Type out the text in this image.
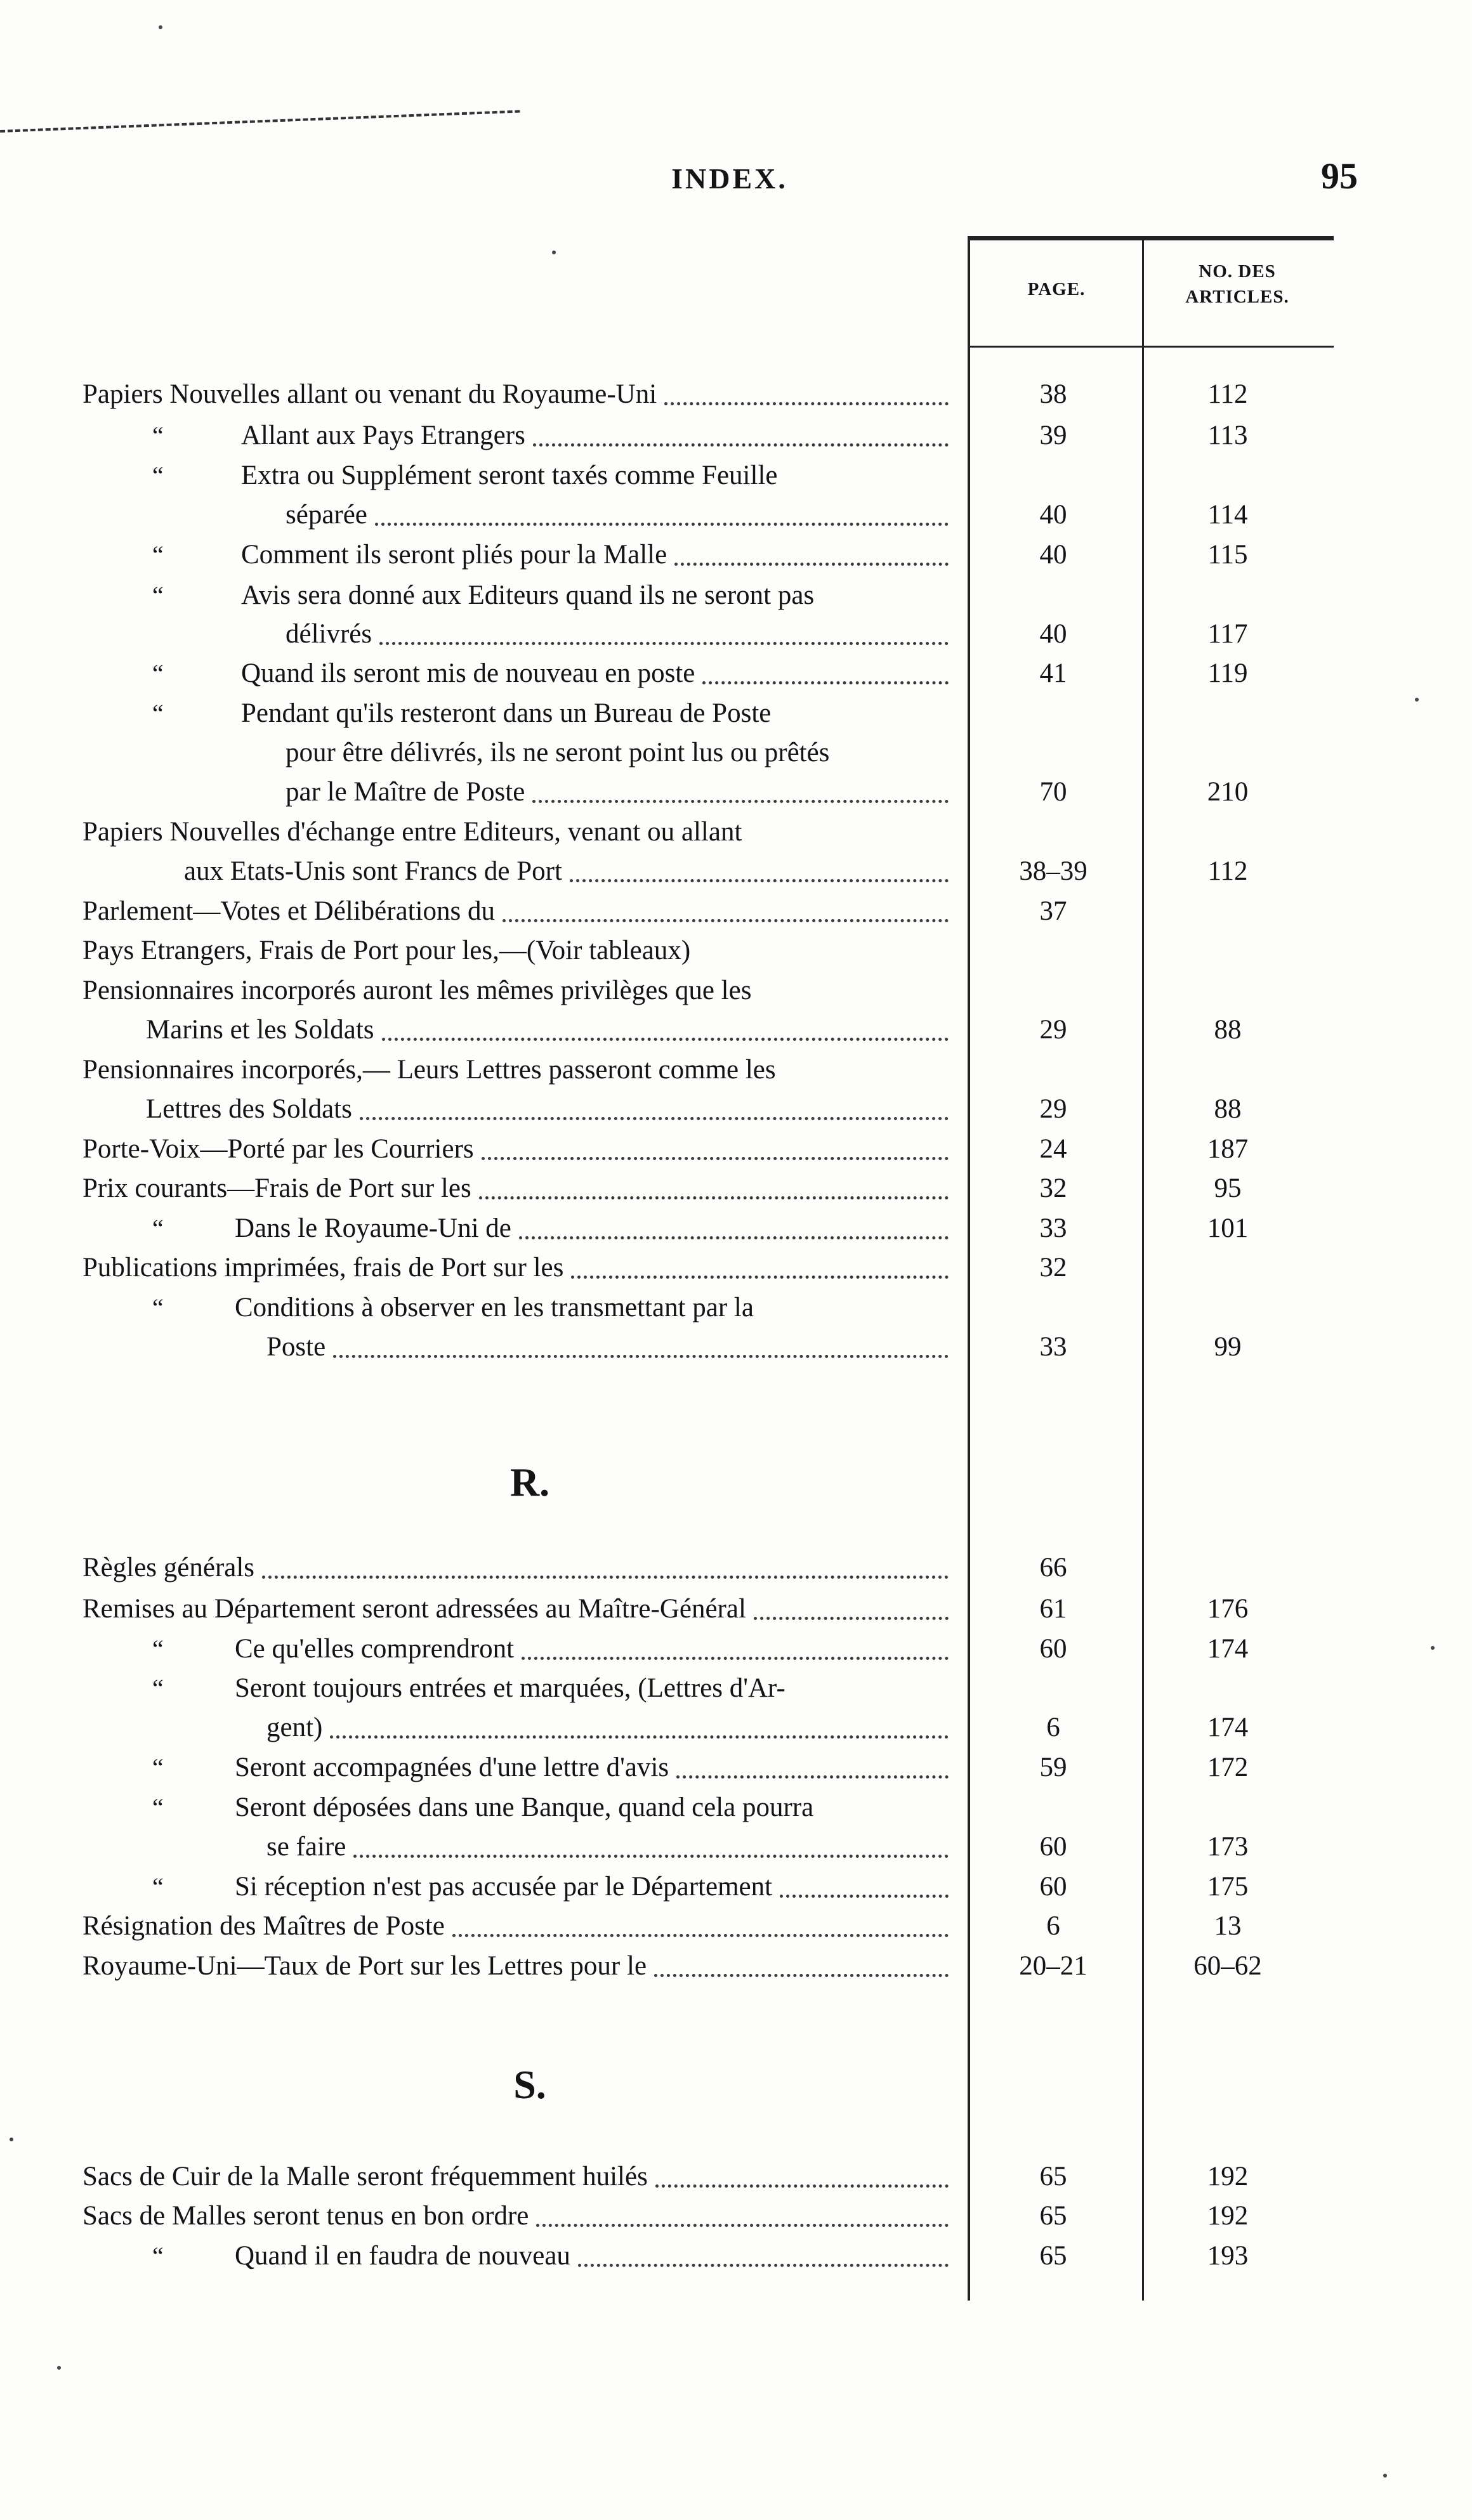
INDEX.	95
PAGE.
NO. DES
ARTICLES.
Papiers Nouvelles allant ou venant du Royaume-Uni	38	112
“	Allant aux Pays Etrangers	39	113
“	Extra ou Supplément seront taxés comme Feuille
séparée	40	114
“	Comment ils seront pliés pour la Malle	40	115
“	Avis sera donné aux Editeurs quand ils ne seront pas
délivrés	40	117
“	Quand ils seront mis de nouveau en poste	41	119
“	Pendant qu'ils resteront dans un Bureau de Poste
pour être délivrés, ils ne seront point lus ou prêtés
par le Maître de Poste	70	210
Papiers Nouvelles d'échange entre Editeurs, venant ou allant
aux Etats-Unis sont Francs de Port	38–39	112
Parlement—Votes et Délibérations du	37
Pays Etrangers, Frais de Port pour les,—(Voir tableaux)
Pensionnaires incorporés auront les mêmes privilèges que les
Marins et les Soldats	29	88
Pensionnaires incorporés,— Leurs Lettres passeront comme les
Lettres des Soldats	29	88
Porte-Voix—Porté par les Courriers	24	187
Prix courants—Frais de Port sur les	32	95
“	Dans le Royaume-Uni de	33	101
Publications imprimées, frais de Port sur les	32
“	Conditions à observer en les transmettant par la
Poste	33	99
Règles générals	66
Remises au Département seront adressées au Maître-Général	61	176
“	Ce qu'elles comprendront	60	174
“	Seront toujours entrées et marquées, (Lettres d'Ar-
gent)	6	174
“	Seront accompagnées d'une lettre d'avis	59	172
“	Seront déposées dans une Banque, quand cela pourra
se faire	60	173
“	Si réception n'est pas accusée par le Département	60	175
Résignation des Maîtres de Poste	6	13
Royaume-Uni—Taux de Port sur les Lettres pour le	20–21	60–62
Sacs de Cuir de la Malle seront fréquemment huilés	65	192
Sacs de Malles seront tenus en bon ordre	65	192
“	Quand il en faudra de nouveau	65	193
R.
S.
